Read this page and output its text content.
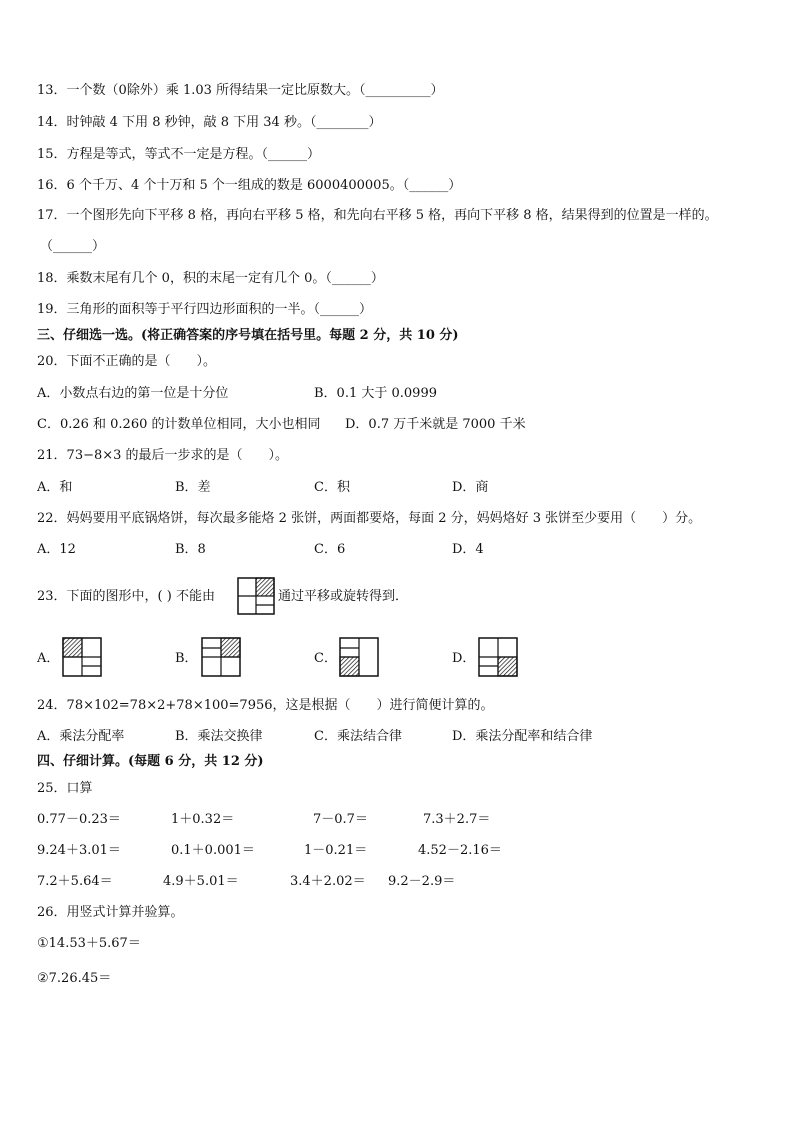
13．一个数（0除外）乘 1.03 所得结果一定比原数大。（__________）
14．时钟敲 4 下用 8 秒钟，敲 8 下用 34 秒。（________）
15．方程是等式，等式不一定是方程。（______）
16．6 个千万、4 个十万和 5 个一组成的数是 6000400005。（______）
17．一个图形先向下平移 8 格，再向右平移 5 格，和先向右平移 5 格，再向下平移 8 格，结果得到的位置是一样的。
（______）
18．乘数末尾有几个 0，积的末尾一定有几个 0。（______）
19．三角形的面积等于平行四边形面积的一半。（______）
三、仔细选一选。(将正确答案的序号填在括号里。每题 2 分，共 10 分)
20．下面不正确的是（　　）。
A．小数点右边的第一位是十分位	B．0.1 大于 0.0999
C．0.26 和 0.260 的计数单位相同，大小也相同 D．0.7 万千米就是 7000 千米
21．73−8×3 的最后一步求的是（　　）。
A．和	B．差	C．积	D．商
22．妈妈要用平底锅烙饼，每次最多能烙 2 张饼，两面都要烙，每面 2 分，妈妈烙好 3 张饼至少要用（　　）分。
A．12	B．8	C．6	D．4
23．下面的图形中，( ) 不能由	通过平移或旋转得到．
A．	B．	C．	D．
24．78×102=78×2+78×100=7956，这是根据（　　）进行简便计算的。
A．乘法分配率	B．乘法交换律	C．乘法结合律	D．乘法分配率和结合律
四、仔细计算。(每题 6 分，共 12 分)
25．口算
0.77－0.23＝	1＋0.32＝	7－0.7＝	7.3＋2.7＝
9.24＋3.01＝	0.1＋0.001＝	1－0.21＝	4.52－2.16＝
7.2＋5.64＝	4.9＋5.01＝	3.4＋2.02＝ 9.2－2.9＝
26．用竖式计算并验算。
①14.53＋5.67＝
②7.26.45＝
